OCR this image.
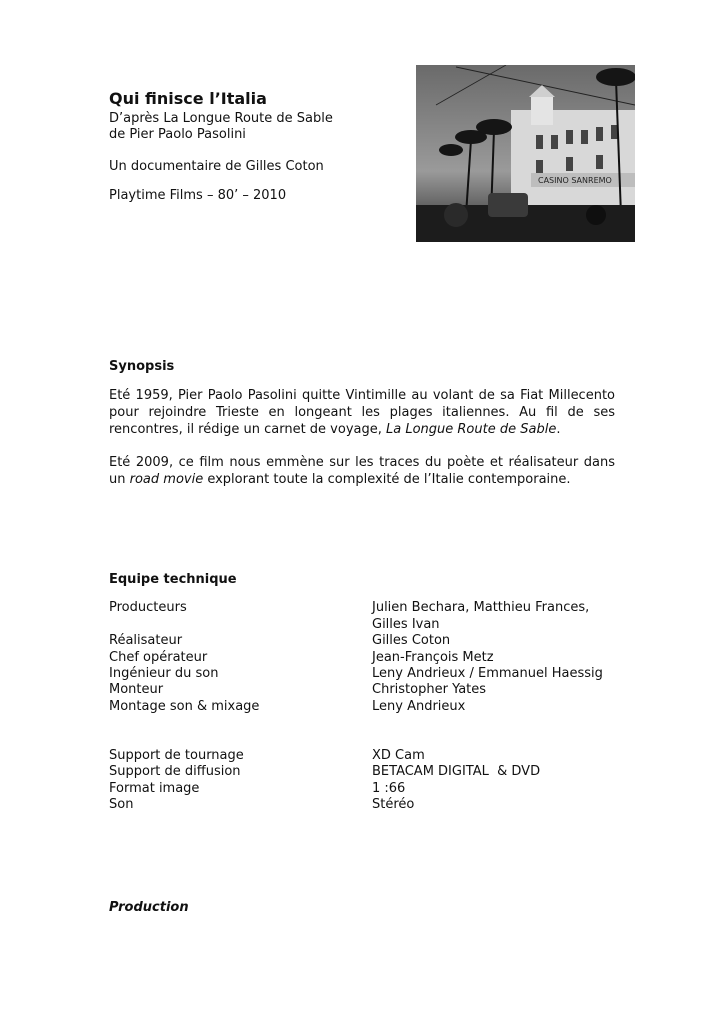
Qui finisce l’Italia

D’après La Longue Route de Sable

de Pier Paolo Pasolini

Un documentaire de Gilles Coton

Playtime Films – 80’ – 2010

CASINO SANREMO
Synopsis

Eté 1959, Pier Paolo Pasolini quitte Vintimille au volant de sa Fiat Millecento pour rejoindre Trieste en longeant les plages italiennes. Au fil de ses rencontres, il rédige un carnet de voyage, La Longue Route de Sable.

Eté 2009, ce film nous emmène sur les traces du poète et réalisateur dans un road movie explorant toute la complexité de l’Italie contemporaine.

Equipe technique

Producteurs	Julien Bechara, Matthieu Frances,

Gilles Ivan

Réalisateur	Gilles Coton

Chef opérateur	Jean-François Metz

Ingénieur du son	Leny Andrieux / Emmanuel Haessig

Monteur	Christopher Yates

Montage son & mixage	Leny Andrieux

Support de tournage	XD Cam

Support de diffusion	BETACAM DIGITAL  & DVD

Format image	1 :66

Son	Stéréo

Production
